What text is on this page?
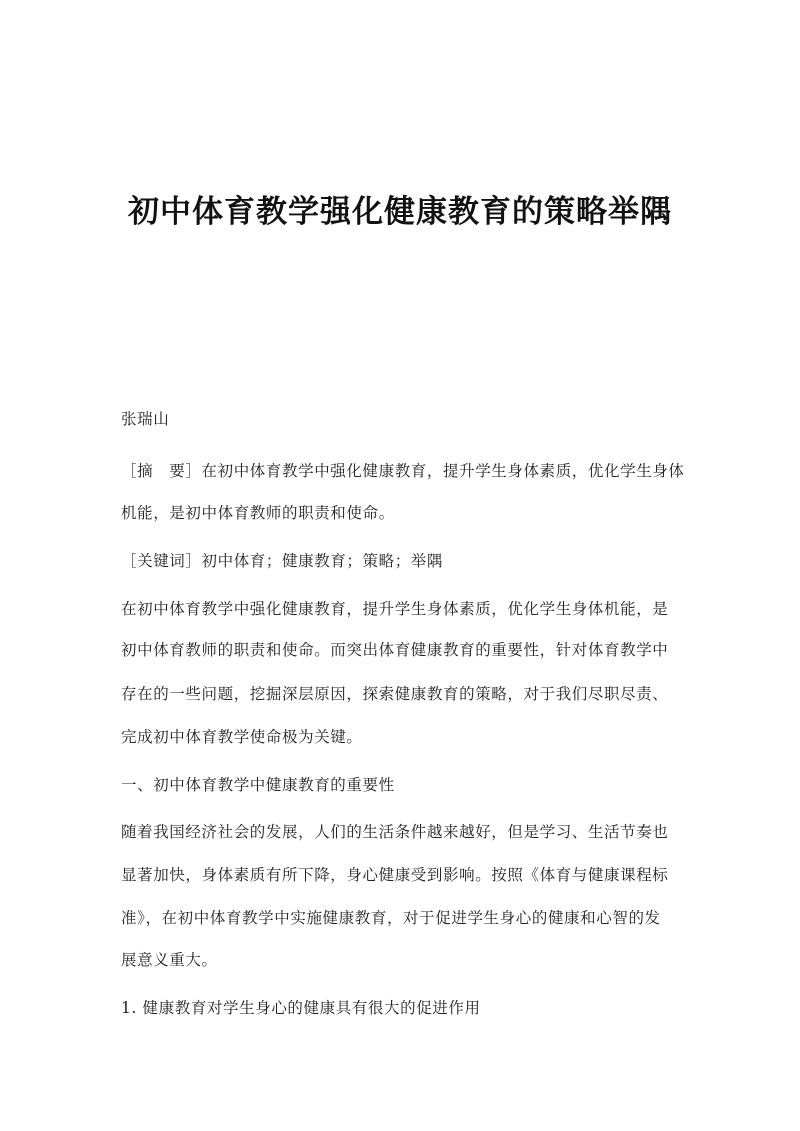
初中体育教学强化健康教育的策略举隅
张瑞山
［摘　要］在初中体育教学中强化健康教育，提升学生身体素质，优化学生身体
机能，是初中体育教师的职责和使命。
［关键词］初中体育；健康教育；策略；举隅
在初中体育教学中强化健康教育，提升学生身体素质，优化学生身体机能，是
初中体育教师的职责和使命。而突出体育健康教育的重要性，针对体育教学中
存在的一些问题，挖掘深层原因，探索健康教育的策略，对于我们尽职尽责、
完成初中体育教学使命极为关键。
一、初中体育教学中健康教育的重要性
随着我国经济社会的发展，人们的生活条件越来越好，但是学习、生活节奏也
显著加快，身体素质有所下降，身心健康受到影响。按照《体育与健康课程标
准》，在初中体育教学中实施健康教育，对于促进学生身心的健康和心智的发
展意义重大。
1. 健康教育对学生身心的健康具有很大的促进作用
